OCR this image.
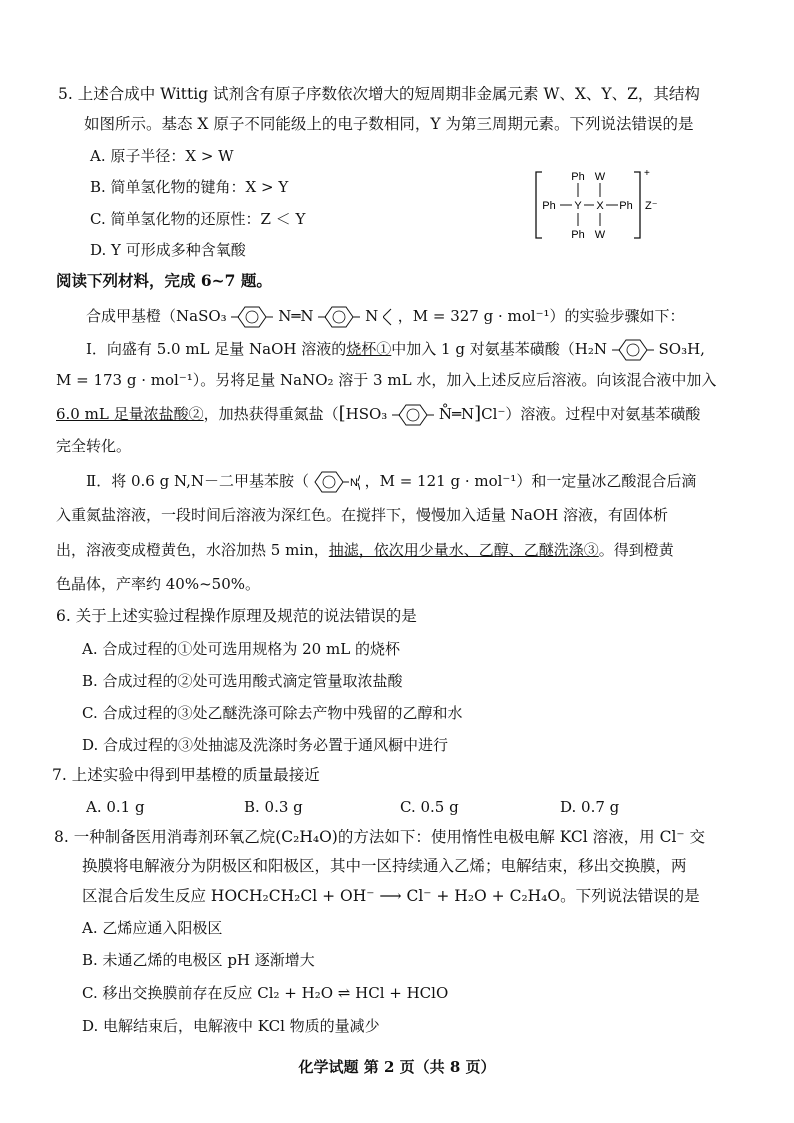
5. 上述合成中 Wittig 试剂含有原子序数依次增大的短周期非金属元素 W、X、Y、Z，其结构
如图所示。基态 X 原子不同能级上的电子数相同，Y 为第三周期元素。下列说法错误的是
A. 原子半径：X > W
B. 简单氢化物的键角：X > Y
C. 简单氢化物的还原性：Z ＜ Y
D. Y 可形成多种含氧酸
Ph W
Ph Y X Ph
Ph W
+
Z⁻
阅读下列材料，完成 6~7 题。
合成甲基橙（NaSO₃	N═N	N ，M = 327 g · mol⁻¹）的实验步骤如下：
Ⅰ．向盛有 5.0 mL 足量 NaOH 溶液的烧杯①中加入 1 g 对氨基苯磺酸（H₂N	SO₃H,
M = 173 g · mol⁻¹）。另将足量 NaNO₂ 溶于 3 mL 水，加入上述反应后溶液。向该混合液中加入
6.0 mL 足量浓盐酸②，加热获得重氮盐（[HSO₃	N̊═N]Cl⁻）溶液。过程中对氨基苯磺酸
完全转化。
Ⅱ．将 0.6 g N,N－二甲基苯胺（	N ，M = 121 g · mol⁻¹）和一定量冰乙酸混合后滴
入重氮盐溶液，一段时间后溶液为深红色。在搅拌下，慢慢加入适量 NaOH 溶液，有固体析
出，溶液变成橙黄色，水浴加热 5 min，抽滤，依次用少量水、乙醇、乙醚洗涤③。得到橙黄
色晶体，产率约 40%~50%。
6. 关于上述实验过程操作原理及规范的说法错误的是
A. 合成过程的①处可选用规格为 20 mL 的烧杯
B. 合成过程的②处可选用酸式滴定管量取浓盐酸
C. 合成过程的③处乙醚洗涤可除去产物中残留的乙醇和水
D. 合成过程的③处抽滤及洗涤时务必置于通风橱中进行
7. 上述实验中得到甲基橙的质量最接近
A. 0.1 g	B. 0.3 g	C. 0.5 g	D. 0.7 g
8. 一种制备医用消毒剂环氧乙烷(C₂H₄O)的方法如下：使用惰性电极电解 KCl 溶液，用 Cl⁻ 交
换膜将电解液分为阴极区和阳极区，其中一区持续通入乙烯；电解结束，移出交换膜，两
区混合后发生反应 HOCH₂CH₂Cl + OH⁻ ⟶ Cl⁻ + H₂O + C₂H₄O。下列说法错误的是
A. 乙烯应通入阳极区
B. 未通乙烯的电极区 pH 逐渐增大
C. 移出交换膜前存在反应 Cl₂ + H₂O ⇌ HCl + HClO
D. 电解结束后，电解液中 KCl 物质的量减少
化学试题 第 2 页（共 8 页）
